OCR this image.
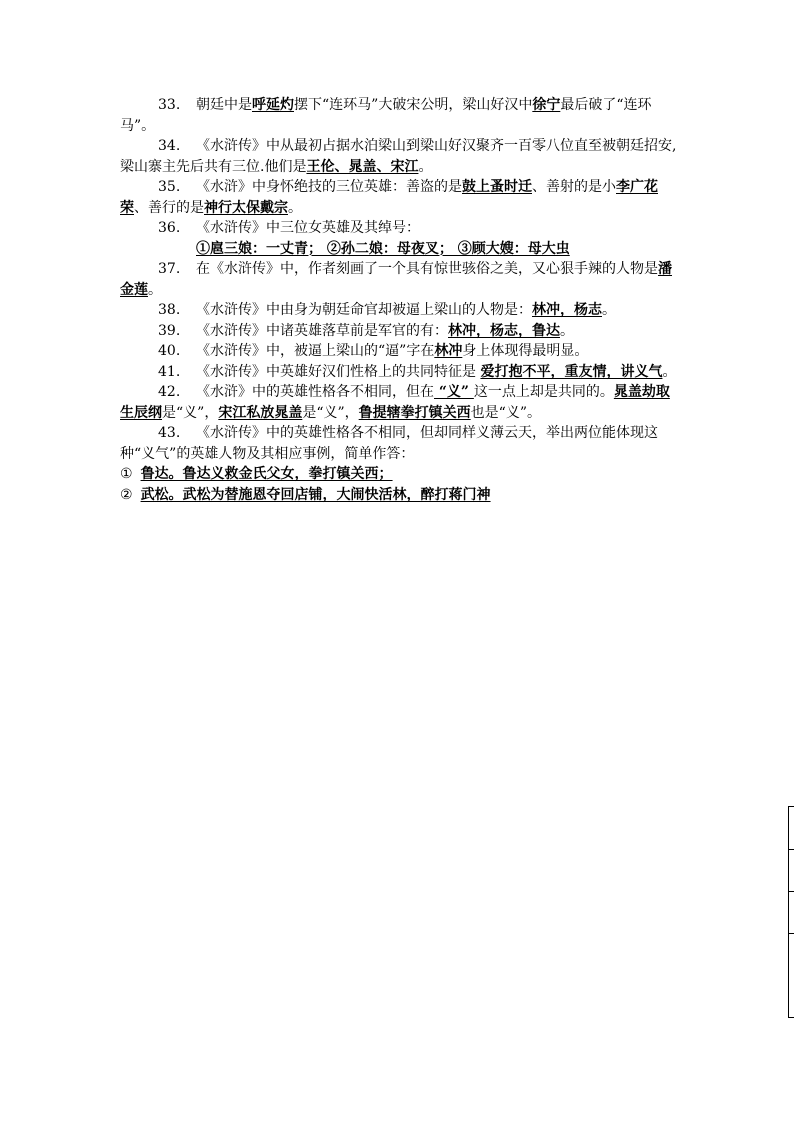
33. 朝廷中是呼延灼摆下“连环马”大破宋公明，梁山好汉中徐宁最后破了“连环马”。

34. 《水浒传》中从最初占据水泊梁山到梁山好汉聚齐一百零八位直至被朝廷招安,梁山寨主先后共有三位.他们是王伦、晁盖、宋江。

35. 《水浒》中身怀绝技的三位英雄：善盗的是鼓上蚤时迁、善射的是小李广花荣、善行的是神行太保戴宗。

36. 《水浒传》中三位女英雄及其绰号：

①扈三娘：一丈青； ②孙二娘：母夜叉； ③顾大嫂：母大虫

37. 在《水浒传》中，作者刻画了一个具有惊世骇俗之美，又心狠手辣的人物是潘金莲。

38. 《水浒传》中由身为朝廷命官却被逼上梁山的人物是：林冲，杨志。

39. 《水浒传》中诸英雄落草前是军官的有：林冲，杨志，鲁达。

40. 《水浒传》中，被逼上梁山的“逼”字在林冲身上体现得最明显。

41. 《水浒传》中英雄好汉们性格上的共同特征是 爱打抱不平，重友情，讲义气。

42. 《水浒》中的英雄性格各不相同，但在 “义” 这一点上却是共同的。晁盖劫取生辰纲是“义”，宋江私放晁盖是“义”，鲁提辖拳打镇关西也是“义”。

43. 《水浒传》中的英雄性格各不相同，但却同样义薄云天，举出两位能体现这种“义气”的英雄人物及其相应事例，简单作答：

① 鲁达。鲁达义救金氏父女，拳打镇关西；

② 武松。武松为替施恩夺回店铺，大闹快活林，醉打蒋门神
